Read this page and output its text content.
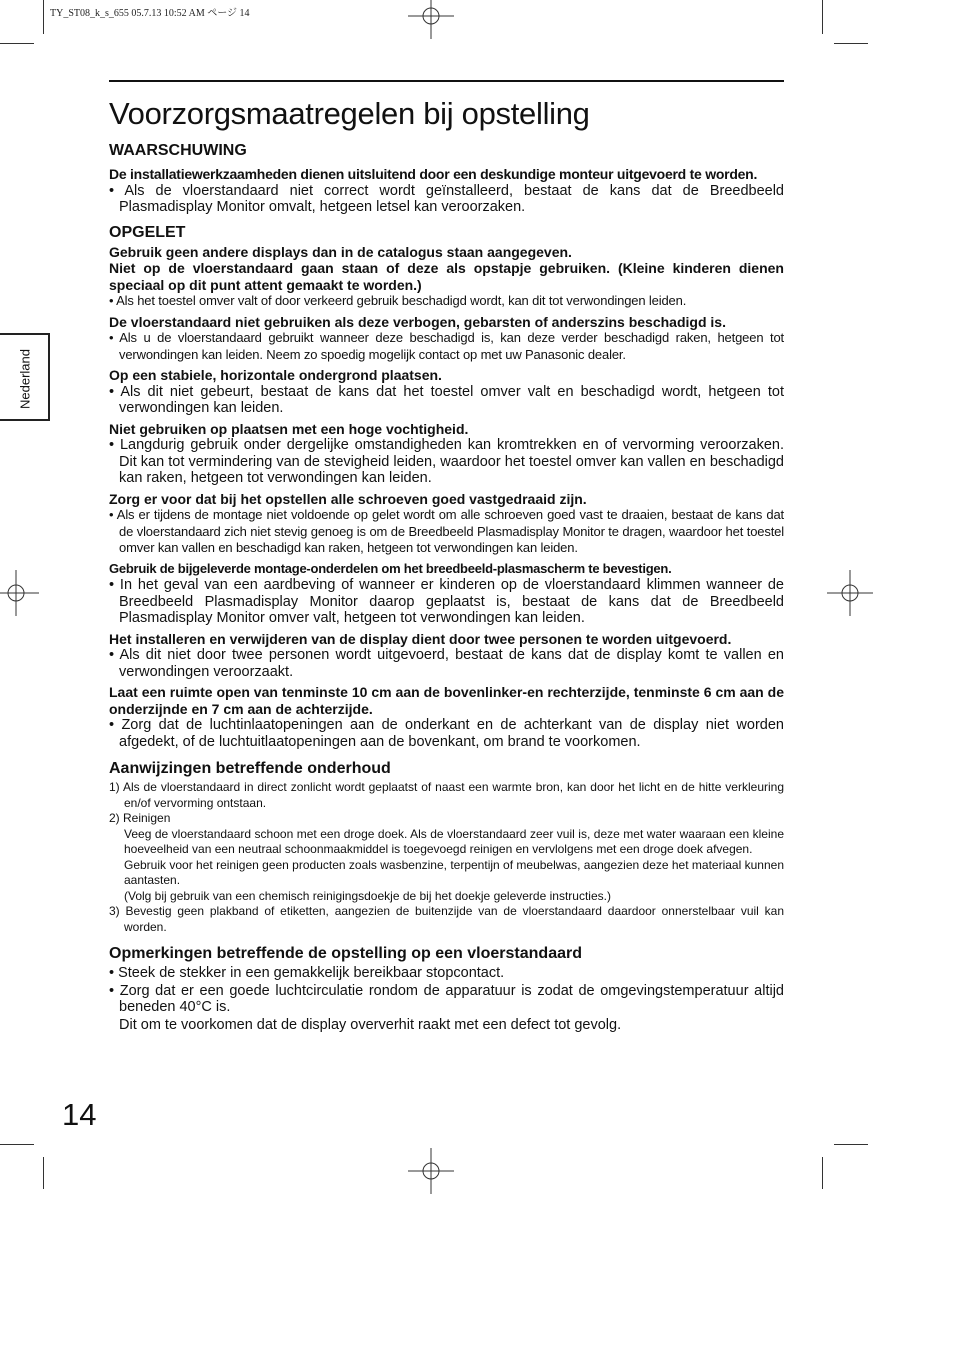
TY_ST08_k_s_655 05.7.13 10:52 AM ページ 14
Voorzorgsmaatregelen bij opstelling
Nederland
WAARSCHUWING

De installatiewerkzaamheden dienen uitsluitend door een deskundige monteur uitgevoerd te worden.

• Als de vloerstandaard niet correct wordt geïnstalleerd, bestaat de kans dat de Breedbeeld Plasmadisplay Monitor omvalt, hetgeen letsel kan veroorzaken.

OPGELET

Gebruik geen andere displays dan in de catalogus staan aangegeven.

Niet op de vloerstandaard gaan staan of deze als opstapje gebruiken. (Kleine kinderen dienen speciaal op dit punt attent gemaakt te worden.)

• Als het toestel omver valt of door verkeerd gebruik beschadigd wordt, kan dit tot verwondingen leiden.

De vloerstandaard niet gebruiken als deze verbogen, gebarsten of anderszins beschadigd is.

• Als u de vloerstandaard gebruikt wanneer deze beschadigd is, kan deze verder beschadigd raken, hetgeen tot verwondingen kan leiden. Neem zo spoedig mogelijk contact op met uw Panasonic dealer.

Op een stabiele, horizontale ondergrond plaatsen.

• Als dit niet gebeurt, bestaat de kans dat het toestel omver valt en beschadigd wordt, hetgeen tot verwondingen kan leiden.

Niet gebruiken op plaatsen met een hoge vochtigheid.

• Langdurig gebruik onder dergelijke omstandigheden kan kromtrekken en of vervorming veroorzaken. Dit kan tot vermindering van de stevigheid leiden, waardoor het toestel omver kan vallen en beschadigd kan raken, hetgeen tot verwondingen kan leiden.

Zorg er voor dat bij het opstellen alle schroeven goed vastgedraaid zijn.

• Als er tijdens de montage niet voldoende op gelet wordt om alle schroeven goed vast te draaien, bestaat de kans dat de vloerstandaard zich niet stevig genoeg is om de Breedbeeld Plasmadisplay Monitor te dragen, waardoor het toestel omver kan vallen en beschadigd kan raken, hetgeen tot verwondingen kan leiden.

Gebruik de bijgeleverde montage-onderdelen om het breedbeeld-plasmascherm te bevestigen.

• In het geval van een aardbeving of wanneer er kinderen op de vloerstandaard klimmen wanneer de Breedbeeld Plasmadisplay Monitor daarop geplaatst is, bestaat de kans dat de Breedbeeld Plasmadisplay Monitor omver valt, hetgeen tot verwondingen kan leiden.

Het installeren en verwijderen van de display dient door twee personen te worden uitgevoerd.

• Als dit niet door twee personen wordt uitgevoerd, bestaat de kans dat de display komt te vallen en verwondingen veroorzaakt.

Laat een ruimte open van tenminste 10 cm aan de bovenlinker-en rechterzijde, tenminste 6 cm aan de onderzijnde en 7 cm aan de achterzijde.

• Zorg dat de luchtinlaatopeningen aan de onderkant en de achterkant van de display niet worden afgedekt, of de luchtuitlaatopeningen aan de bovenkant, om brand te voorkomen.

Aanwijzingen betreffende onderhoud

1) Als de vloerstandaard in direct zonlicht wordt geplaatst of naast een warmte bron, kan door het licht en de hitte verkleuring en/of vervorming ontstaan.

2) Reinigen

Veeg de vloerstandaard schoon met een droge doek. Als de vloerstandaard zeer vuil is, deze met water waaraan een kleine hoeveelheid van een neutraal schoonmaakmiddel is toegevoegd reinigen en vervlolgens met een droge doek afvegen.

Gebruik voor het reinigen geen producten zoals wasbenzine, terpentijn of meubelwas, aangezien deze het materiaal kunnen aantasten.

(Volg bij gebruik van een chemisch reinigingsdoekje de bij het doekje geleverde instructies.)

3) Bevestig geen plakband of etiketten, aangezien de buitenzijde van de vloerstandaard daardoor onnerstelbaar vuil kan worden.

Opmerkingen betreffende de opstelling op een vloerstandaard

• Steek de stekker in een gemakkelijk bereikbaar stopcontact.

• Zorg dat er een goede luchtcirculatie rondom de apparatuur is zodat de omgevingstemperatuur altijd beneden 40°C is.

Dit om te voorkomen dat de display oververhit raakt met een defect tot gevolg.

14
